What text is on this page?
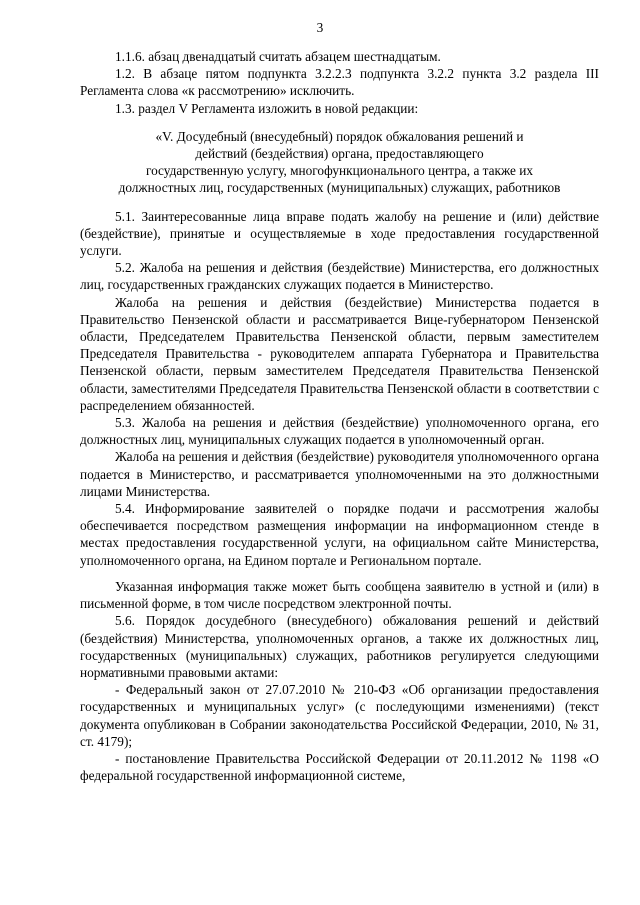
3

1.1.6. абзац двенадцатый считать абзацем шестнадцатым.

1.2. В абзаце пятом подпункта 3.2.2.3 подпункта 3.2.2 пункта 3.2 раздела III Регламента слова «к рассмотрению» исключить.

1.3. раздел V Регламента изложить в новой редакции:

«V. Досудебный (внесудебный) порядок обжалования решений и
действий (бездействия) органа, предоставляющего
государственную услугу, многофункционального центра, а также их
должностных лиц, государственных (муниципальных) служащих, работников

5.1. Заинтересованные лица вправе подать жалобу на решение и (или) действие (бездействие), принятые и осуществляемые в ходе предоставления государственной услуги.

5.2. Жалоба на решения и действия (бездействие) Министерства, его должностных лиц, государственных гражданских служащих подается в Министерство.

Жалоба на решения и действия (бездействие) Министерства подается в Правительство Пензенской области и рассматривается Вице-губернатором Пензенской области, Председателем Правительства Пензенской области, первым заместителем Председателя Правительства - руководителем аппарата Губернатора и Правительства Пензенской области, первым заместителем Председателя Правительства Пензенской области, заместителями Председателя Правительства Пензенской области в соответствии с распределением обязанностей.

5.3. Жалоба на решения и действия (бездействие) уполномоченного органа, его должностных лиц, муниципальных служащих подается в уполномоченный орган.

Жалоба на решения и действия (бездействие) руководителя уполномоченного органа подается в Министерство, и рассматривается уполномоченными на это должностными лицами Министерства.

5.4. Информирование заявителей о порядке подачи и рассмотрения жалобы обеспечивается посредством размещения информации на информационном стенде в местах предоставления государственной услуги, на официальном сайте Министерства, уполномоченного органа, на Едином портале и Региональном портале.

Указанная информация также может быть сообщена заявителю в устной и (или) в письменной форме, в том числе посредством электронной почты.

5.6. Порядок досудебного (внесудебного) обжалования решений и действий (бездействия) Министерства, уполномоченных органов, а также их должностных лиц, государственных (муниципальных) служащих, работников регулируется следующими нормативными правовыми актами:

- Федеральный закон от 27.07.2010 № 210-ФЗ «Об организации предоставления государственных и муниципальных услуг» (с последующими изменениями) (текст документа опубликован в Собрании законодательства Российской Федерации, 2010, № 31, ст. 4179);

- постановление Правительства Российской Федерации от 20.11.2012 № 1198 «О федеральной государственной информационной системе,
